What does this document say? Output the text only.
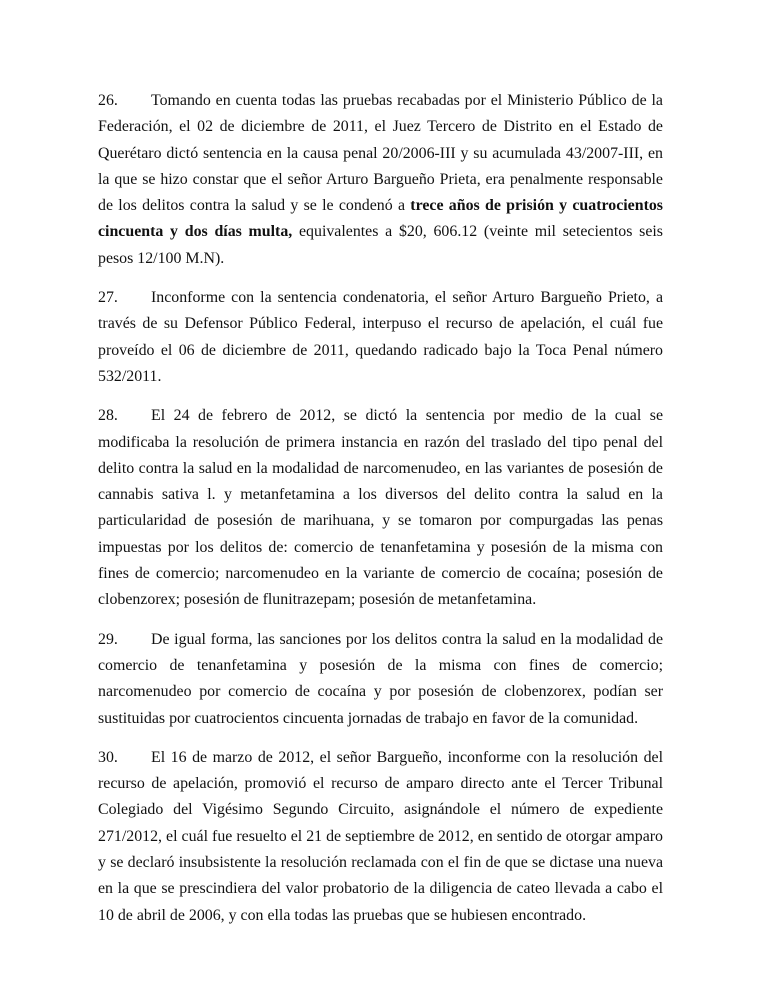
26. Tomando en cuenta todas las pruebas recabadas por el Ministerio Público de la Federación, el 02 de diciembre de 2011, el Juez Tercero de Distrito en el Estado de Querétaro dictó sentencia en la causa penal 20/2006-III y su acumulada 43/2007-III, en la que se hizo constar que el señor Arturo Bargueño Prieta, era penalmente responsable de los delitos contra la salud y se le condenó a trece años de prisión y cuatrocientos cincuenta y dos días multa, equivalentes a $20, 606.12 (veinte mil setecientos seis pesos 12/100 M.N).

27. Inconforme con la sentencia condenatoria, el señor Arturo Bargueño Prieto, a través de su Defensor Público Federal, interpuso el recurso de apelación, el cuál fue proveído el 06 de diciembre de 2011, quedando radicado bajo la Toca Penal número 532/2011.

28. El 24 de febrero de 2012, se dictó la sentencia por medio de la cual se modificaba la resolución de primera instancia en razón del traslado del tipo penal del delito contra la salud en la modalidad de narcomenudeo, en las variantes de posesión de cannabis sativa l. y metanfetamina a los diversos del delito contra la salud en la particularidad de posesión de marihuana, y se tomaron por compurgadas las penas impuestas por los delitos de: comercio de tenanfetamina y posesión de la misma con fines de comercio; narcomenudeo en la variante de comercio de cocaína; posesión de clobenzorex; posesión de flunitrazepam; posesión de metanfetamina.

29. De igual forma, las sanciones por los delitos contra la salud en la modalidad de comercio de tenanfetamina y posesión de la misma con fines de comercio; narcomenudeo por comercio de cocaína y por posesión de clobenzorex, podían ser sustituidas por cuatrocientos cincuenta jornadas de trabajo en favor de la comunidad.

30. El 16 de marzo de 2012, el señor Bargueño, inconforme con la resolución del recurso de apelación, promovió el recurso de amparo directo ante el Tercer Tribunal Colegiado del Vigésimo Segundo Circuito, asignándole el número de expediente 271/2012, el cuál fue resuelto el 21 de septiembre de 2012, en sentido de otorgar amparo y se declaró insubsistente la resolución reclamada con el fin de que se dictase una nueva en la que se prescindiera del valor probatorio de la diligencia de cateo llevada a cabo el 10 de abril de 2006, y con ella todas las pruebas que se hubiesen encontrado.
